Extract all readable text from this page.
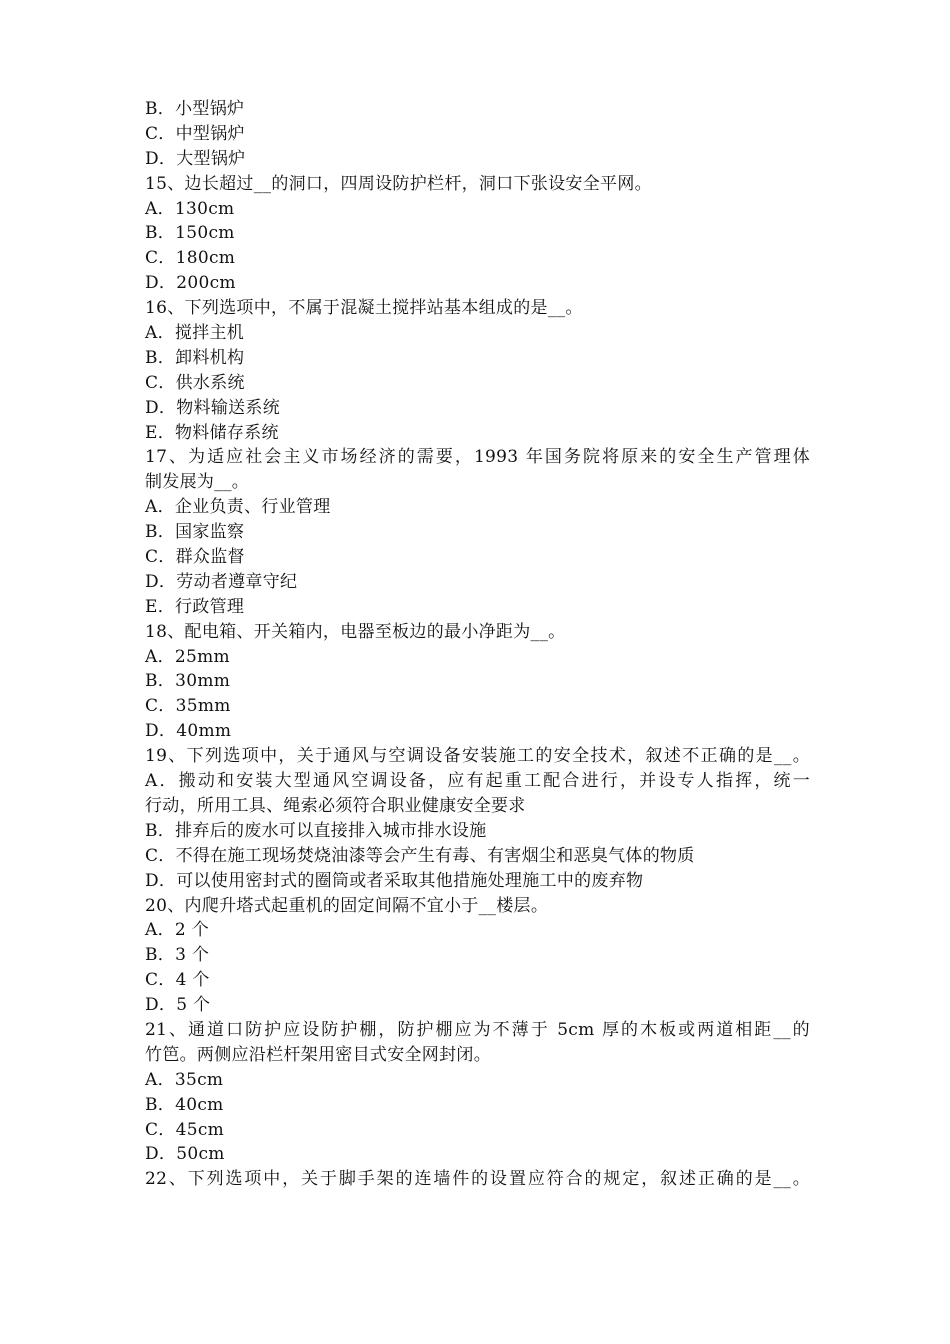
B．小型锅炉
C．中型锅炉
D．大型锅炉
15、边长超过__的洞口，四周设防护栏杆，洞口下张设安全平网。
A．130cm
B．150cm
C．180cm
D．200cm
16、下列选项中，不属于混凝土搅拌站基本组成的是__。
A．搅拌主机
B．卸料机构
C．供水系统
D．物料输送系统
E．物料储存系统
17、为适应社会主义市场经济的需要，1993 年国务院将原来的安全生产管理体
制发展为__。
A．企业负责、行业管理
B．国家监察
C．群众监督
D．劳动者遵章守纪
E．行政管理
18、配电箱、开关箱内，电器至板边的最小净距为__。
A．25mm
B．30mm
C．35mm
D．40mm
19、下列选项中，关于通风与空调设备安装施工的安全技术，叙述不正确的是__。
A．搬动和安装大型通风空调设备，应有起重工配合进行，并设专人指挥，统一
行动，所用工具、绳索必须符合职业健康安全要求
B．排弃后的废水可以直接排入城市排水设施
C．不得在施工现场焚烧油漆等会产生有毒、有害烟尘和恶臭气体的物质
D．可以使用密封式的圈筒或者采取其他措施处理施工中的废弃物
20、内爬升塔式起重机的固定间隔不宜小于__楼层。
A．2 个
B．3 个
C．4 个
D．5 个
21、通道口防护应设防护棚，防护棚应为不薄于 5cm 厚的木板或两道相距__的
竹笆。两侧应沿栏杆架用密目式安全网封闭。
A．35cm
B．40cm
C．45cm
D．50cm
22、下列选项中，关于脚手架的连墙件的设置应符合的规定，叙述正确的是__。
